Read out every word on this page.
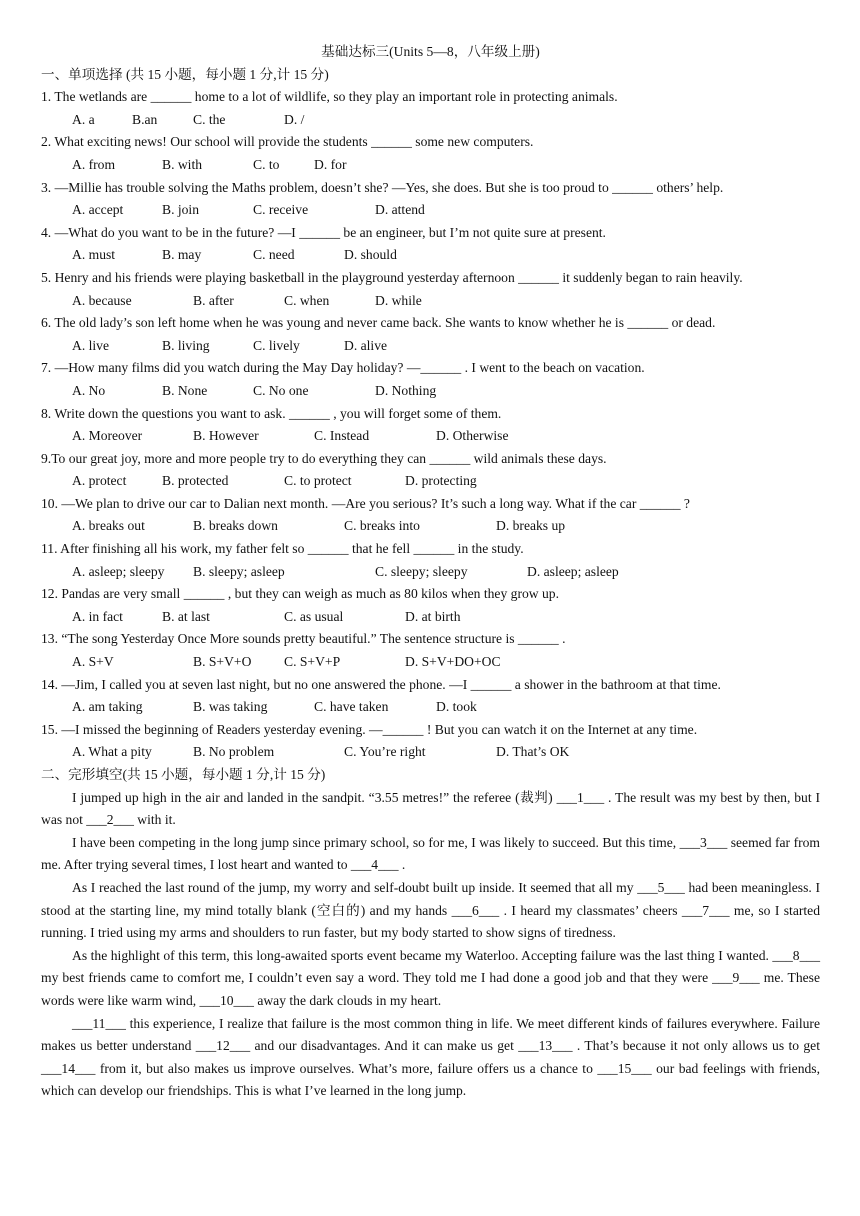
基础达标三(Units 5—8，八年级上册)
一、单项选择 (共 15 小题，每小题 1 分,计 15 分)
1. The wetlands are ______ home to a lot of wildlife, so they play an important role in protecting animals.
A. a	B.an	C. the	D. /
2. What exciting news! Our school will provide the students ______ some new computers.
A. from	B. with	C. to	D. for
3. —Millie has trouble solving the Maths problem, doesn’t she? —Yes, she does. But she is too proud to ______ others’ help.
A. accept	B. join	C. receive	D. attend
4. —What do you want to be in the future? —I ______ be an engineer, but I’m not quite sure at present.
A. must	B. may	C. need	D. should
5. Henry and his friends were playing basketball in the playground yesterday afternoon ______ it suddenly began to rain heavily.
A. because	B. after	C. when	D. while
6. The old lady’s son left home when he was young and never came back. She wants to know whether he is ______ or dead.
A. live	B. living	C. lively	D. alive
7. —How many films did you watch during the May Day holiday? —______ . I went to the beach on vacation.
A. No	B. None	C. No one	D. Nothing
8. Write down the questions you want to ask. ______ , you will forget some of them.
A. Moreover	B. However	C. Instead	D. Otherwise
9.To our great joy, more and more people try to do everything they can ______ wild animals these days.
A. protect	B. protected	C. to protect	D. protecting
10. —We plan to drive our car to Dalian next month. —Are you serious? It’s such a long way. What if the car ______ ?
A. breaks out	B. breaks down	C. breaks into	D. breaks up
11. After finishing all his work, my father felt so ______ that he fell ______ in the study.
A. asleep; sleepy B. sleepy; asleep	C. sleepy; sleepy	D. asleep; asleep
12. Pandas are very small ______ , but they can weigh as much as 80 kilos when they grow up.
A. in fact	B. at last	C. as usual	D. at birth
13. “The song Yesterday Once More sounds pretty beautiful.” The sentence structure is ______ .
A. S+V	B. S+V+O C. S+V+P	D. S+V+DO+OC
14. —Jim, I called you at seven last night, but no one answered the phone. —I ______ a shower in the bathroom at that time.
A. am taking	B. was taking	C. have taken	D. took
15. —I missed the beginning of Readers yesterday evening. —______ ! But you can watch it on the Internet at any time.
A. What a pity	B. No problem	C. You’re right	D. That’s OK
二、完形填空(共 15 小题，每小题 1 分,计 15 分)
I jumped up high in the air and landed in the sandpit. “3.55 metres!” the referee (裁判) ___1___ . The result was my best by then, but I was not ___2___ with it.
I have been competing in the long jump since primary school, so for me, I was likely to succeed. But this time, ___3___ seemed far from me. After trying several times, I lost heart and wanted to ___4___ .
As I reached the last round of the jump, my worry and self-doubt built up inside. It seemed that all my ___5___ had been meaningless. I stood at the starting line, my mind totally blank (空白的) and my hands ___6___ . I heard my classmates’ cheers ___7___ me, so I started running. I tried using my arms and shoulders to run faster, but my body started to show signs of tiredness.
As the highlight of this term, this long-awaited sports event became my Waterloo. Accepting failure was the last thing I wanted. ___8___ my best friends came to comfort me, I couldn’t even say a word. They told me I had done a good job and that they were ___9___ me. These words were like warm wind, ___10___ away the dark clouds in my heart.
___11___ this experience, I realize that failure is the most common thing in life. We meet different kinds of failures everywhere. Failure makes us better understand ___12___ and our disadvantages. And it can make us get ___13___ . That’s because it not only allows us to get ___14___ from it, but also makes us improve ourselves. What’s more, failure offers us a chance to ___15___ our bad feelings with friends, which can develop our friendships. This is what I’ve learned in the long jump.
